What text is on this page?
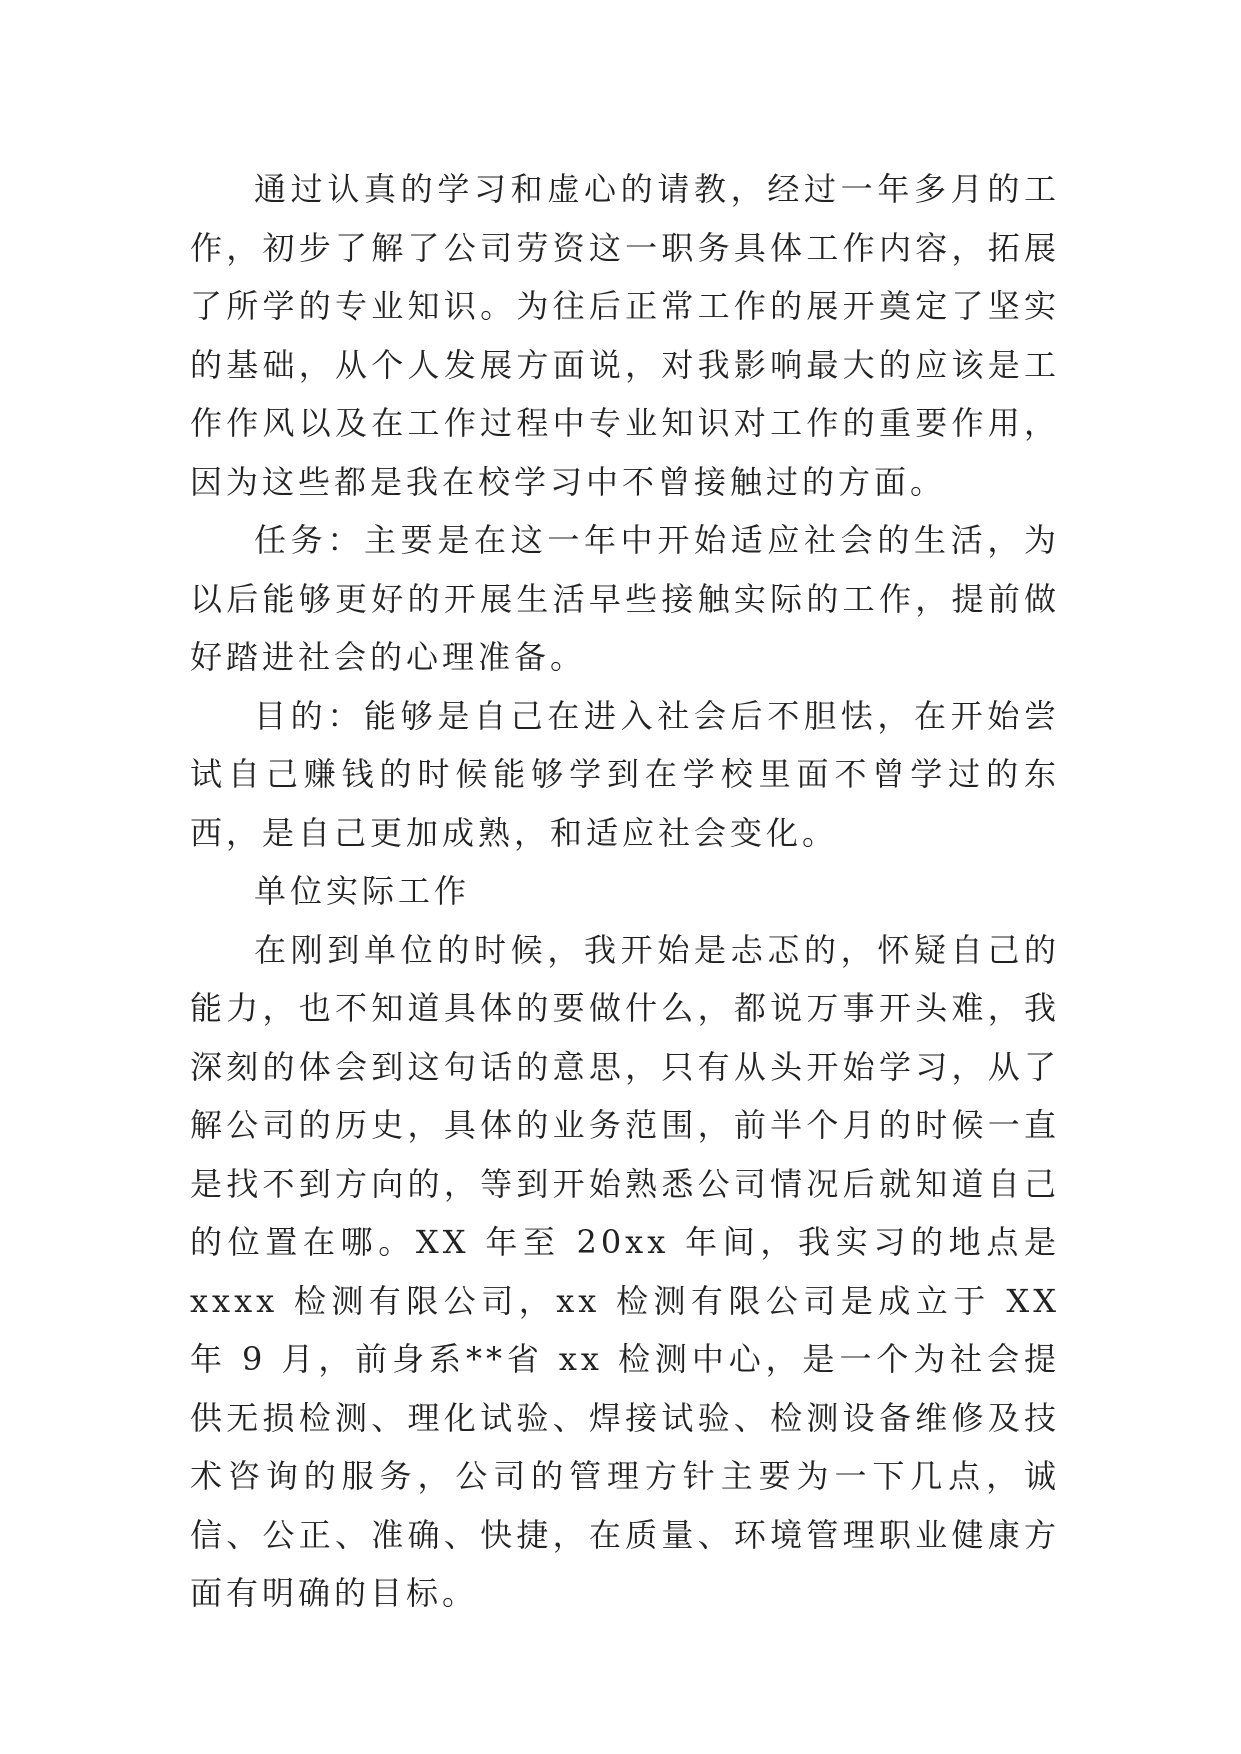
通过认真的学习和虚心的请教，经过一年多月的工作，初步了解了公司劳资这一职务具体工作内容，拓展了所学的专业知识。为往后正常工作的展开奠定了坚实的基础，从个人发展方面说，对我影响最大的应该是工作作风以及在工作过程中专业知识对工作的重要作用，因为这些都是我在校学习中不曾接触过的方面。

任务：主要是在这一年中开始适应社会的生活，为以后能够更好的开展生活早些接触实际的工作，提前做好踏进社会的心理准备。

目的：能够是自己在进入社会后不胆怯，在开始尝试自己赚钱的时候能够学到在学校里面不曾学过的东西，是自己更加成熟，和适应社会变化。

单位实际工作

在刚到单位的时候，我开始是忐忑的，怀疑自己的能力，也不知道具体的要做什么，都说万事开头难，我深刻的体会到这句话的意思，只有从头开始学习，从了解公司的历史，具体的业务范围，前半个月的时候一直是找不到方向的，等到开始熟悉公司情况后就知道自己的位置在哪。XX 年至 20xx 年间，我实习的地点是 xxxx 检测有限公司，xx 检测有限公司是成立于 XX 年 9 月，前身系**省 xx 检测中心，是一个为社会提供无损检测、理化试验、焊接试验、检测设备维修及技术咨询的服务，公司的管理方针主要为一下几点，诚信、公正、准确、快捷，在质量、环境管理职业健康方面有明确的目标。
